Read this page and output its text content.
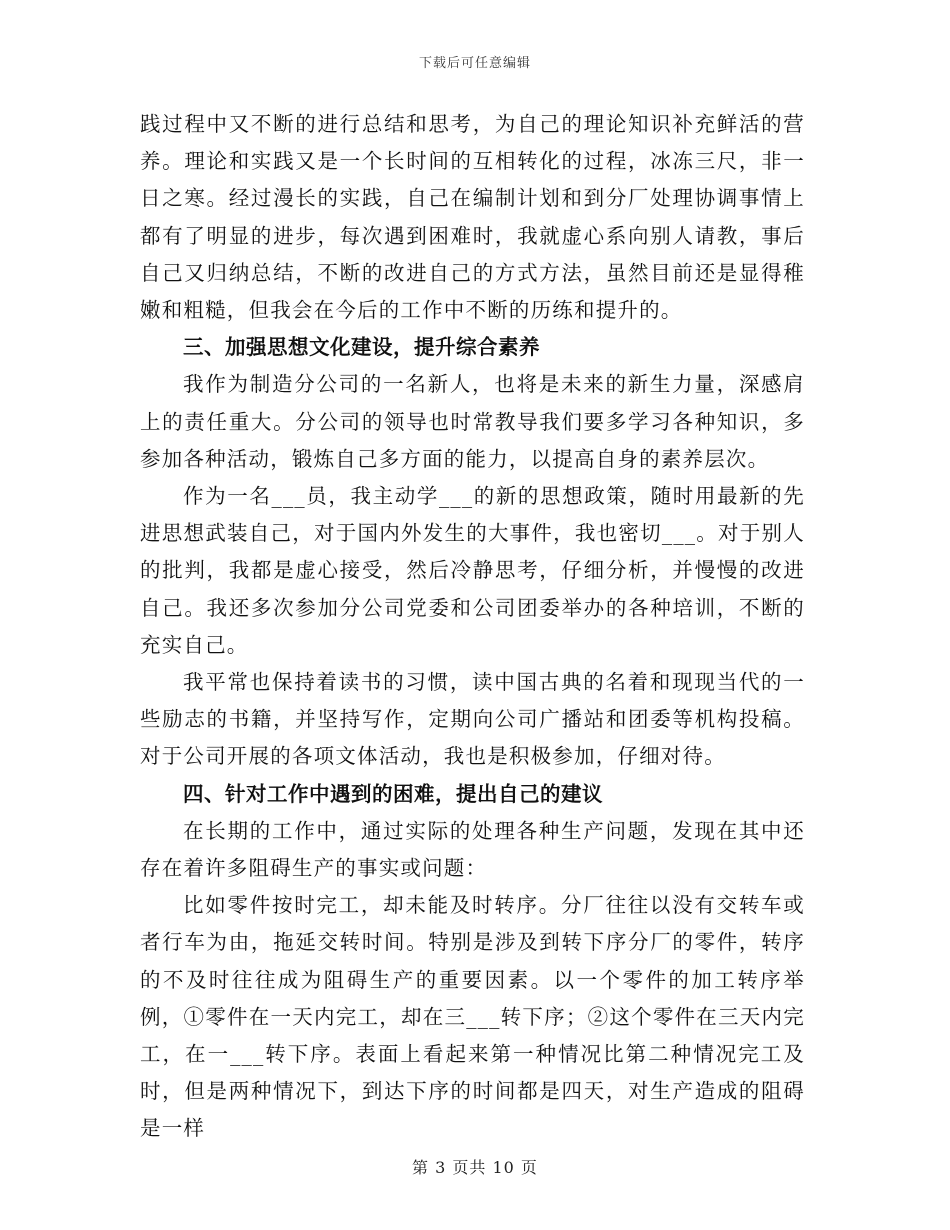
下载后可任意编辑

践过程中又不断的进行总结和思考，为自己的理论知识补充鲜活的营养。理论和实践又是一个长时间的互相转化的过程，冰冻三尺，非一日之寒。经过漫长的实践，自己在编制计划和到分厂处理协调事情上都有了明显的进步，每次遇到困难时，我就虚心系向别人请教，事后自己又归纳总结，不断的改进自己的方式方法，虽然目前还是显得稚嫩和粗糙，但我会在今后的工作中不断的历练和提升的。

三、加强思想文化建设，提升综合素养

我作为制造分公司的一名新人，也将是未来的新生力量，深感肩上的责任重大。分公司的领导也时常教导我们要多学习各种知识，多参加各种活动，锻炼自己多方面的能力，以提高自身的素养层次。

作为一名___员，我主动学___的新的思想政策，随时用最新的先进思想武装自己，对于国内外发生的大事件，我也密切___。对于别人的批判，我都是虚心接受，然后冷静思考，仔细分析，并慢慢的改进自己。我还多次参加分公司党委和公司团委举办的各种培训，不断的充实自己。

我平常也保持着读书的习惯，读中国古典的名着和现现当代的一些励志的书籍，并坚持写作，定期向公司广播站和团委等机构投稿。对于公司开展的各项文体活动，我也是积极参加，仔细对待。

四、针对工作中遇到的困难，提出自己的建议

在长期的工作中，通过实际的处理各种生产问题，发现在其中还存在着许多阻碍生产的事实或问题：

比如零件按时完工，却未能及时转序。分厂往往以没有交转车或者行车为由，拖延交转时间。特别是涉及到转下序分厂的零件，转序的不及时往往成为阻碍生产的重要因素。以一个零件的加工转序举例，①零件在一天内完工，却在三___转下序；②这个零件在三天内完工，在一___转下序。表面上看起来第一种情况比第二种情况完工及时，但是两种情况下，到达下序的时间都是四天，对生产造成的阻碍是一样

第 3 页共 10 页
